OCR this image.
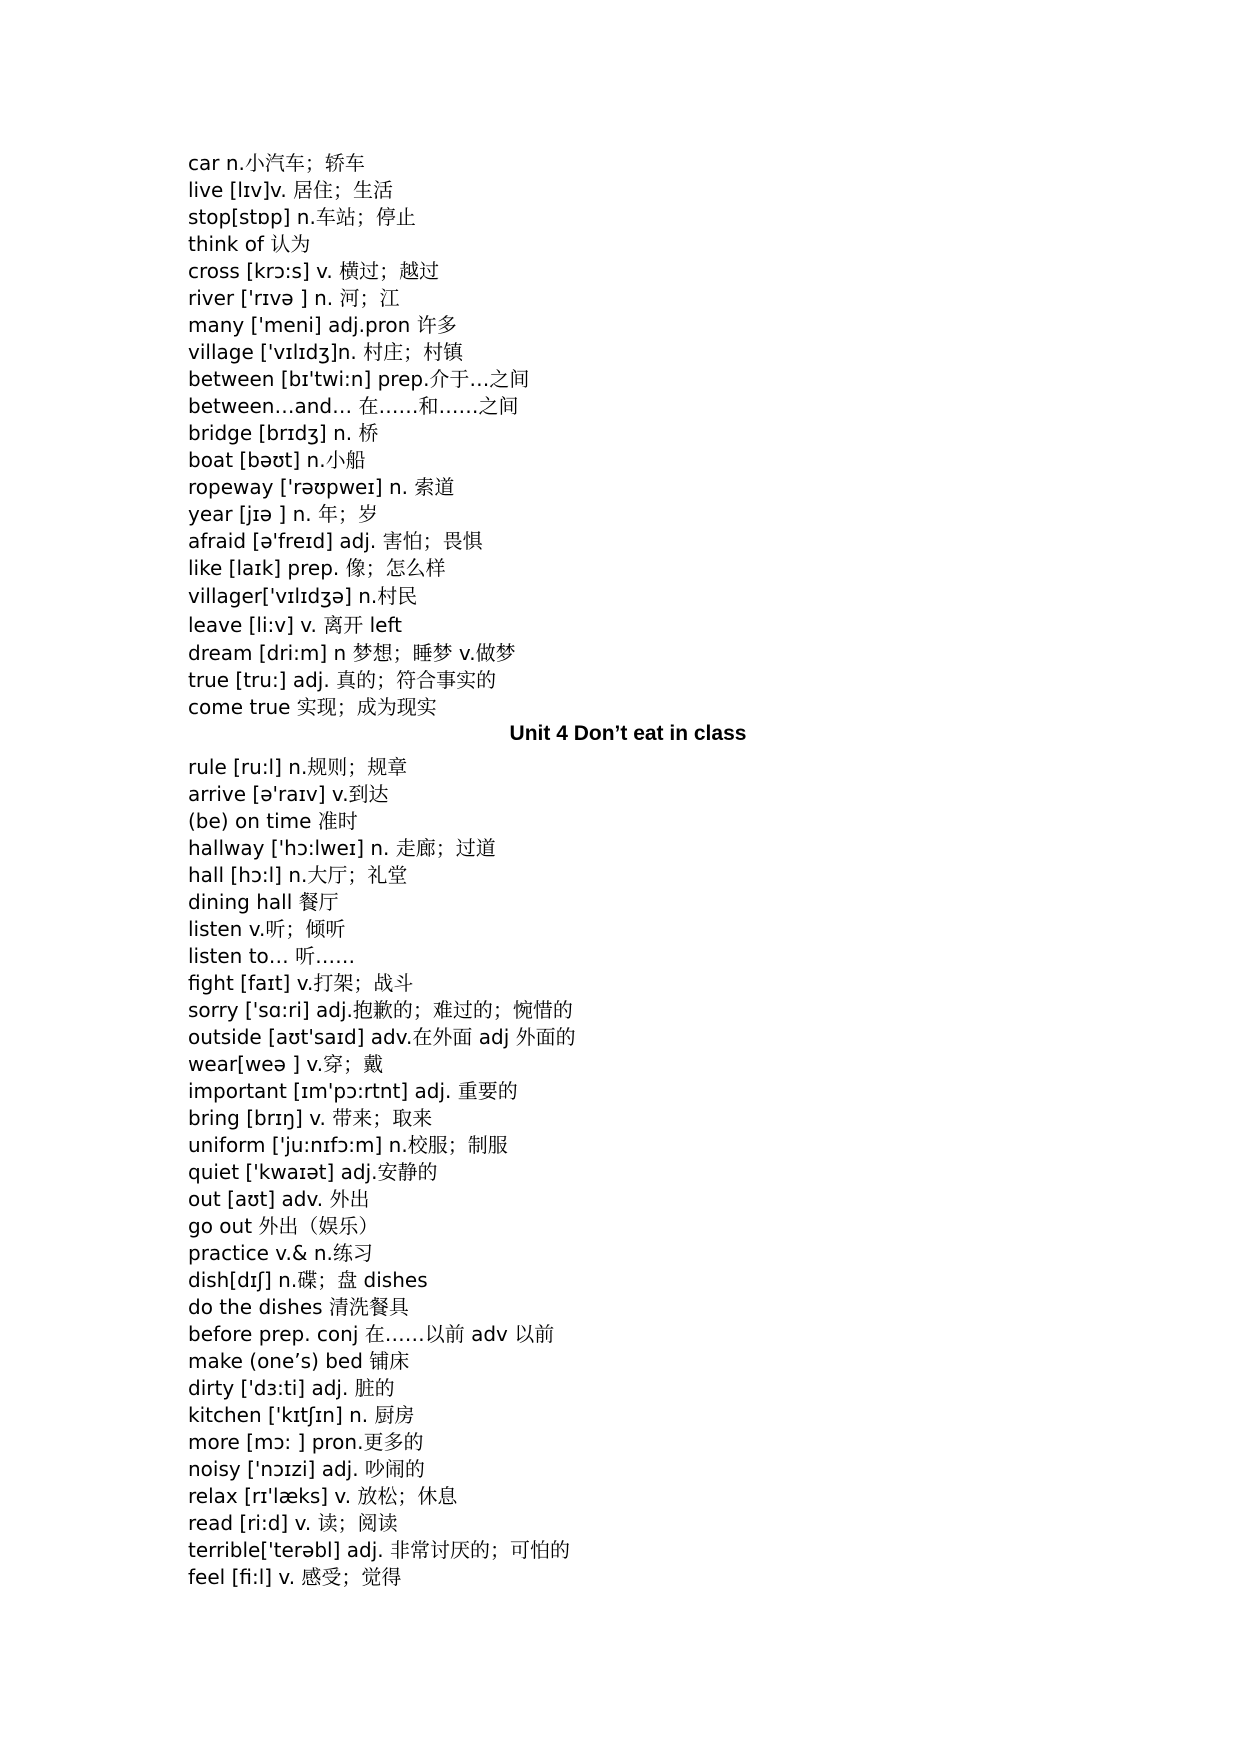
car n.小汽车；轿车
live [lɪv]v. 居住；生活
stop[stɒp] n.车站；停止
think of 认为
cross [krɔ:s] v. 横过；越过
river ['rɪvə ] n. 河；江
many ['meni] adj.pron 许多
village ['vɪlɪdʒ]n. 村庄；村镇
between [bɪ'twi:n] prep.介于…之间
between…and… 在……和……之间
bridge [brɪdʒ] n. 桥
boat [bəʊt] n.小船
ropeway ['rəʊpweɪ] n. 索道
year [jɪə ] n. 年；岁
afraid [ə'freɪd] adj. 害怕；畏惧
like [laɪk] prep. 像；怎么样
villager['vɪlɪdʒə] n.村民
leave [li:v] v. 离开 left
dream [dri:m] n 梦想；睡梦 v.做梦
true [tru:] adj. 真的；符合事实的
come true 实现；成为现实
Unit 4 Don’t eat in class
rule [ru:l] n.规则；规章
arrive [ə'raɪv] v.到达
(be) on time 准时
hallway ['hɔ:lweɪ] n. 走廊；过道
hall [hɔ:l] n.大厅；礼堂
dining hall 餐厅
listen v.听；倾听
listen to… 听……
fight [faɪt] v.打架；战斗
sorry ['sɑ:ri] adj.抱歉的；难过的；惋惜的
outside [aʊt'saɪd] adv.在外面 adj 外面的
wear[weə ] v.穿；戴
important [ɪm'pɔ:rtnt] adj. 重要的
bring [brɪŋ] v. 带来；取来
uniform ['ju:nɪfɔ:m] n.校服；制服
quiet ['kwaɪət] adj.安静的
out [aʊt] adv. 外出
go out 外出（娱乐）
practice v.& n.练习
dish[dɪʃ] n.碟；盘 dishes
do the dishes 清洗餐具
before prep. conj 在……以前 adv 以前
make (one’s) bed 铺床
dirty ['dɜ:ti] adj. 脏的
kitchen ['kɪtʃɪn] n. 厨房
more [mɔ: ] pron.更多的
noisy ['nɔɪzi] adj. 吵闹的
relax [rɪ'læks] v. 放松；休息
read [ri:d] v. 读；阅读
terrible['terəbl] adj. 非常讨厌的；可怕的
feel [fi:l] v. 感受；觉得
